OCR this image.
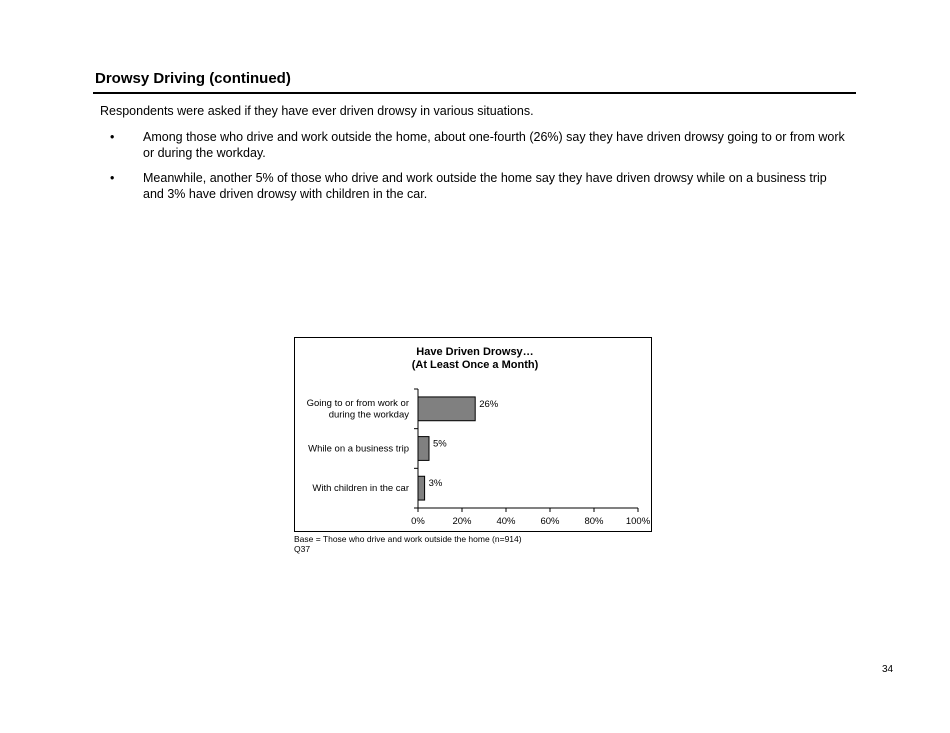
Drowsy Driving (continued)

Respondents were asked if they have ever driven drowsy in various situations.

• Among those who drive and work outside the home, about one-fourth (26%) say they have driven drowsy going to or from work or during the workday.
• Meanwhile, another 5% of those who drive and work outside the home say they have driven drowsy while on a business trip and 3% have driven drowsy with children in the car.
Have Driven Drowsy…
(At Least Once a Month)
26%
Going to or from work or
during the workday
5%
While on a business trip
3%
With children in the car
0%	20%	40%	60%	80% 100%

Base = Those who drive and work outside the home (n=914)

Q37

34
